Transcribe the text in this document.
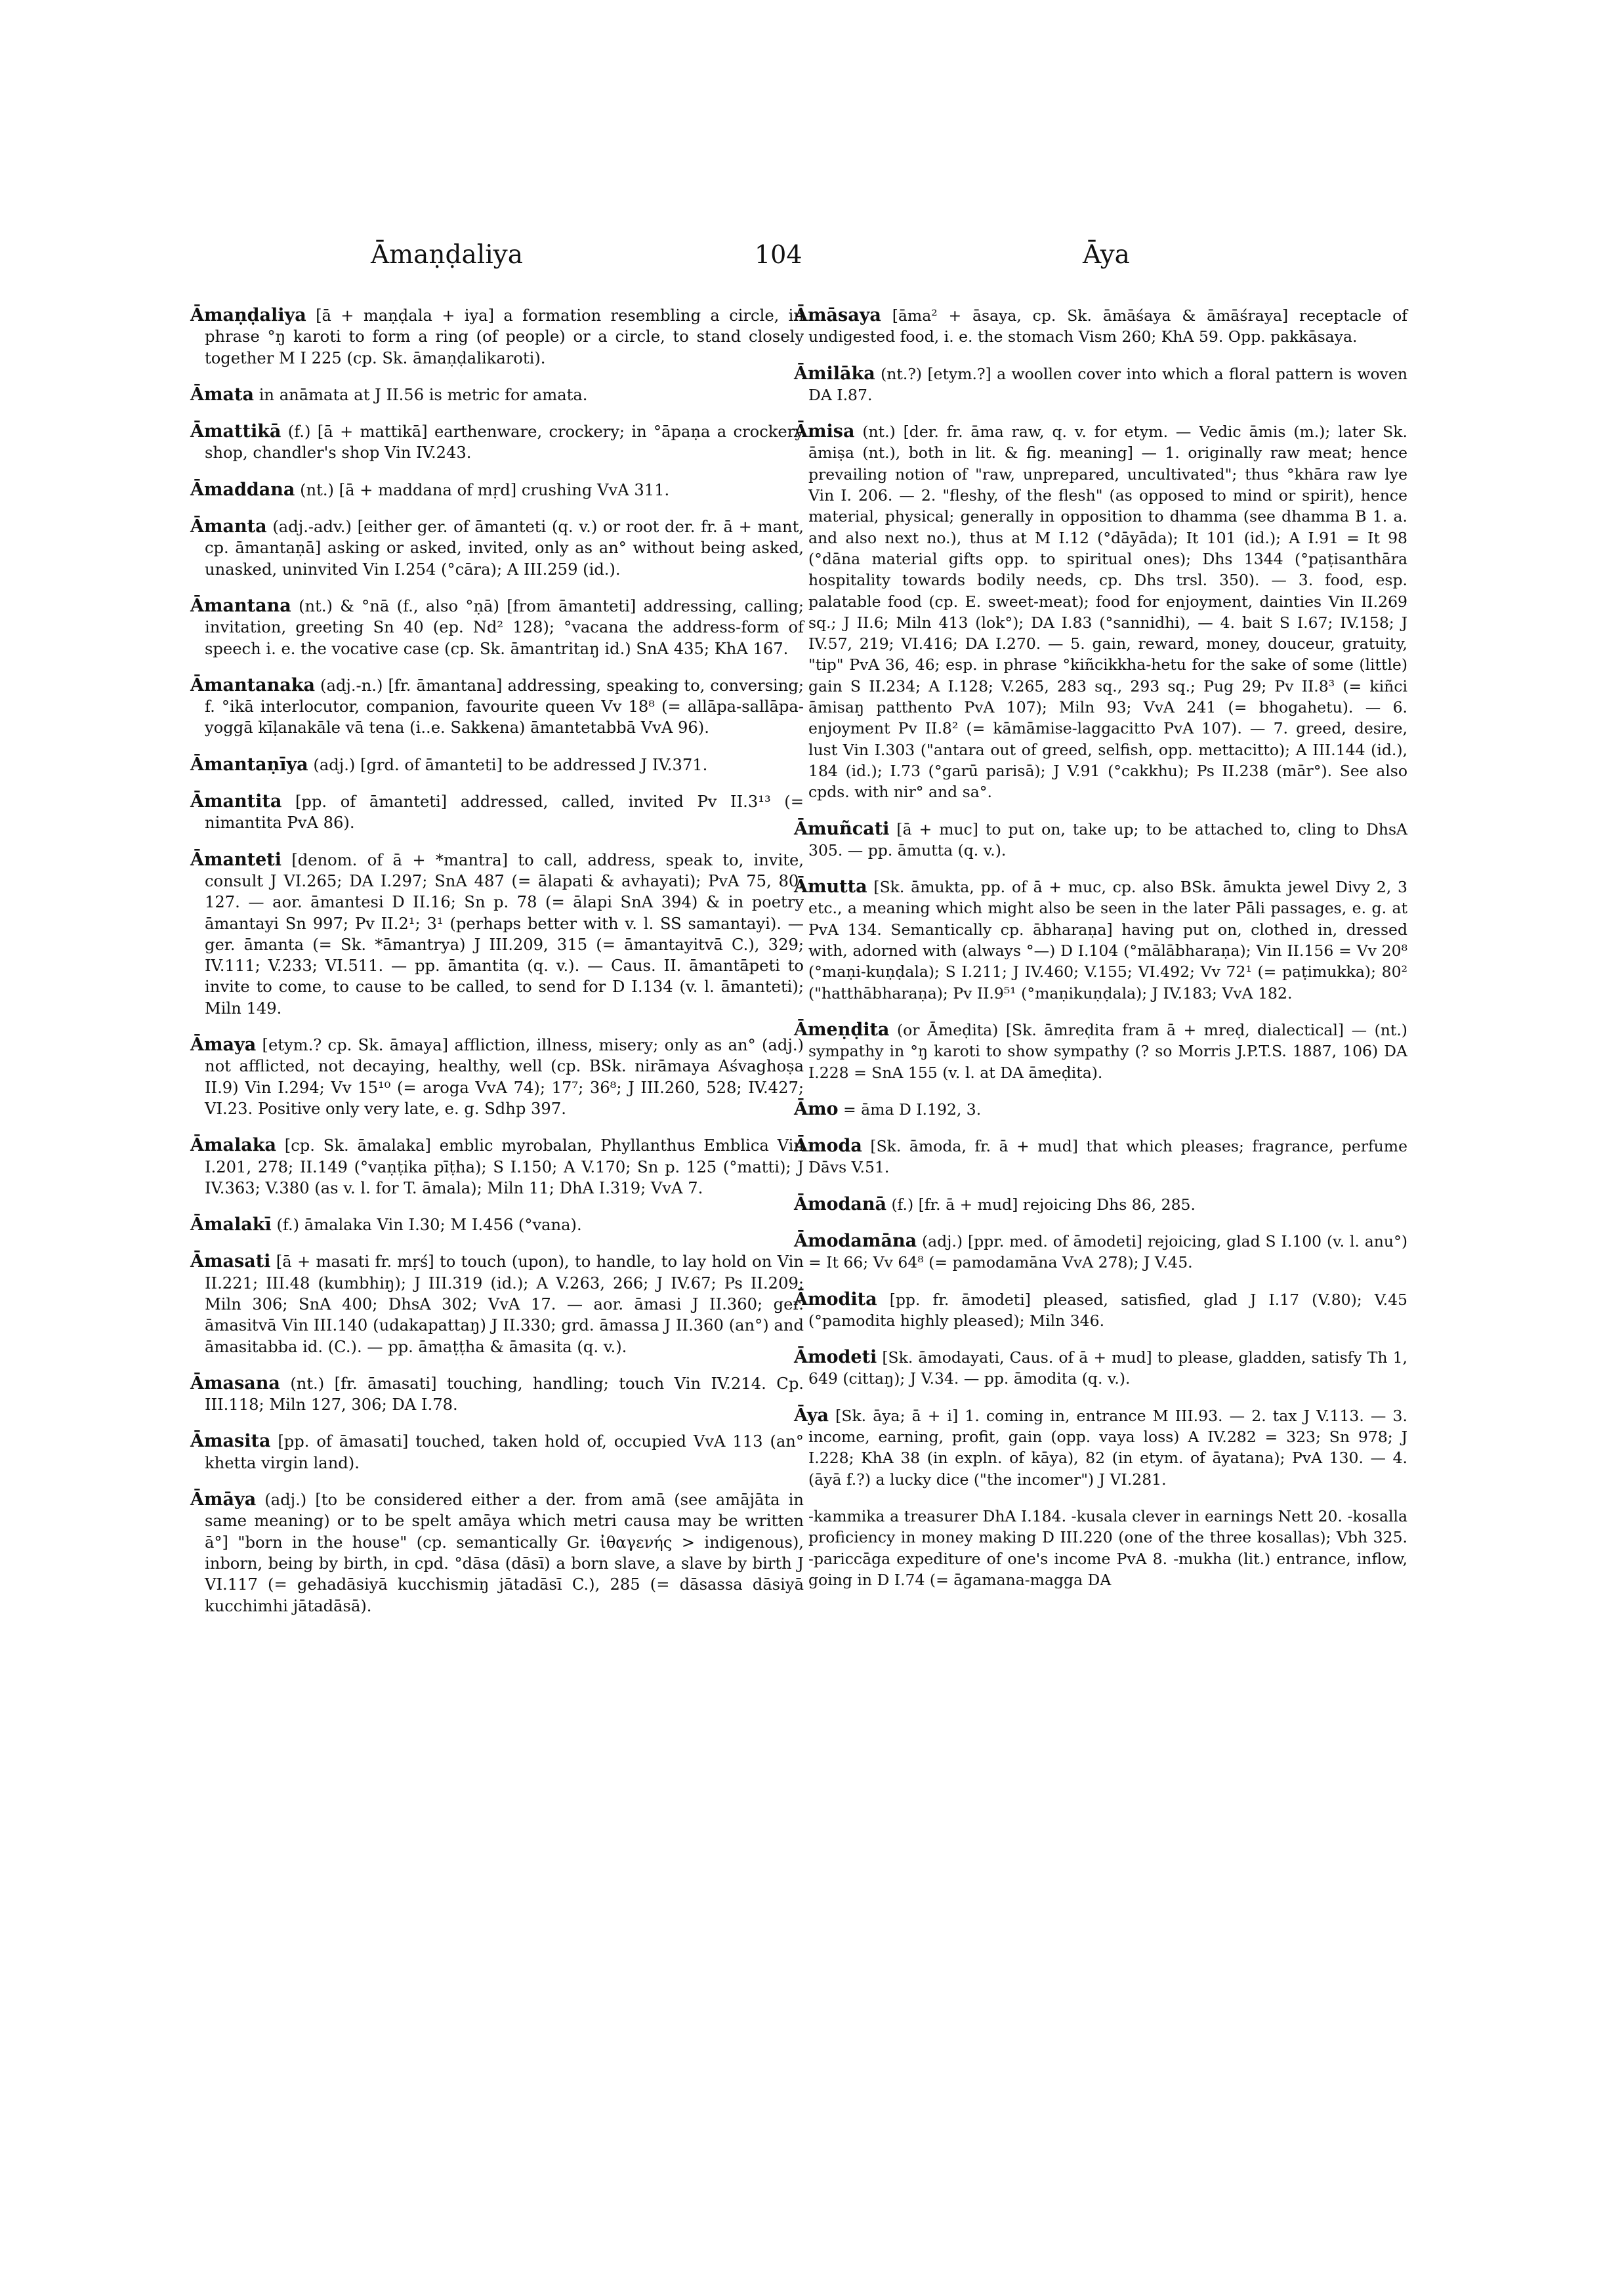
Āmaṇḍaliya	104	Āya

Āmaṇḍaliya [ā + maṇḍala + iya] a formation resembling a circle, in phrase °ŋ karoti to form a ring (of people) or a circle, to stand closely together M I 225 (cp. Sk. āmaṇḍalikaroti).

Āmata in anāmata at J II.56 is metric for amata.

Āmattikā (f.) [ā + mattikā] earthenware, crockery; in °āpaṇa a crockery shop, chandler's shop Vin IV.243.

Āmaddana (nt.) [ā + maddana of mṛd] crushing VvA 311.

Āmanta (adj.-adv.) [either ger. of āmanteti (q. v.) or root der. fr. ā + mant, cp. āmantaṇā] asking or asked, invited, only as an° without being asked, unasked, uninvited Vin I.254 (°cāra); A III.259 (id.).

Āmantana (nt.) & °nā (f., also °ṇā) [from āmanteti] addressing, calling; invitation, greeting Sn 40 (ep. Nd² 128); °vacana the address-form of speech i. e. the vocative case (cp. Sk. āmantritaŋ id.) SnA 435; KhA 167.

Āmantanaka (adj.-n.) [fr. āmantana] addressing, speaking to, conversing; f. °ikā interlocutor, companion, favourite queen Vv 18⁸ (= allāpa-sallāpa-yoggā kīḷanakāle vā tena (i..e. Sakkena) āmantetabbā VvA 96).

Āmantaṇīya (adj.) [grd. of āmanteti] to be addressed J IV.371.

Āmantita [pp. of āmanteti] addressed, called, invited Pv II.3¹³ (= nimantita PvA 86).

Āmanteti [denom. of ā + *mantra] to call, address, speak to, invite, consult J VI.265; DA I.297; SnA 487 (= ālapati & avhayati); PvA 75, 80, 127. — aor. āmantesi D II.16; Sn p. 78 (= ālapi SnA 394) & in poetry āmantayi Sn 997; Pv II.2¹; 3¹ (perhaps better with v. l. SS samantayi). — ger. āmanta (= Sk. *āmantrya) J III.209, 315 (= āmantayitvā C.), 329; IV.111; V.233; VI.511. — pp. āmantita (q. v.). — Caus. II. āmantāpeti to invite to come, to cause to be called, to send for D I.134 (v. l. āmanteti); Miln 149.

Āmaya [etym.? cp. Sk. āmaya] affliction, illness, misery; only as an° (adj.) not afflicted, not decaying, healthy, well (cp. BSk. nirāmaya Aśvaghoṣa II.9) Vin I.294; Vv 15¹⁰ (= aroga VvA 74); 17⁷; 36⁸; J III.260, 528; IV.427; VI.23. Positive only very late, e. g. Sdhp 397.

Āmalaka [cp. Sk. āmalaka] emblic myrobalan, Phyllanthus Emblica Vin I.201, 278; II.149 (°vaṇṭika pīṭha); S I.150; A V.170; Sn p. 125 (°matti); J IV.363; V.380 (as v. l. for T. āmala); Miln 11; DhA I.319; VvA 7.

Āmalakī (f.) āmalaka Vin I.30; M I.456 (°vana).

Āmasati [ā + masati fr. mṛś] to touch (upon), to handle, to lay hold on Vin II.221; III.48 (kumbhiŋ); J III.319 (id.); A V.263, 266; J IV.67; Ps II.209; Miln 306; SnA 400; DhsA 302; VvA 17. — aor. āmasi J II.360; ger. āmasitvā Vin III.140 (udakapattaŋ) J II.330; grd. āmassa J II.360 (an°) and āmasitabba id. (C.). — pp. āmaṭṭha & āmasita (q. v.).

Āmasana (nt.) [fr. āmasati] touching, handling; touch Vin IV.214. Cp. III.118; Miln 127, 306; DA I.78.

Āmasita [pp. of āmasati] touched, taken hold of, occupied VvA 113 (an° khetta virgin land).

Āmāya (adj.) [to be considered either a der. from amā (see amājāta in same meaning) or to be spelt amāya which metri causa may be written ā°] "born in the house" (cp. semantically Gr. ἰθαγενής > indigenous), inborn, being by birth, in cpd. °dāsa (dāsī) a born slave, a slave by birth J VI.117 (= gehadāsiyā kucchismiŋ jātadāsī C.), 285 (= dāsassa dāsiyā kucchimhi jātadāsā).

Āmāsaya [āma² + āsaya, cp. Sk. āmāśaya & āmāśraya] receptacle of undigested food, i. e. the stomach Vism 260; KhA 59. Opp. pakkāsaya.

Āmilāka (nt.?) [etym.?] a woollen cover into which a floral pattern is woven DA I.87.

Āmisa (nt.) [der. fr. āma raw, q. v. for etym. — Vedic āmis (m.); later Sk. āmiṣa (nt.), both in lit. & fig. meaning] — 1. originally raw meat; hence prevailing notion of "raw, unprepared, uncultivated"; thus °khāra raw lye Vin I. 206. — 2. "fleshy, of the flesh" (as opposed to mind or spirit), hence material, physical; generally in opposition to dhamma (see dhamma B 1. a. and also next no.), thus at M I.12 (°dāyāda); It 101 (id.); A I.91 = It 98 (°dāna material gifts opp. to spiritual ones); Dhs 1344 (°paṭisanthāra hospitality towards bodily needs, cp. Dhs trsl. 350). — 3. food, esp. palatable food (cp. E. sweet-meat); food for enjoyment, dainties Vin II.269 sq.; J II.6; Miln 413 (lok°); DA I.83 (°sannidhi), — 4. bait S I.67; IV.158; J IV.57, 219; VI.416; DA I.270. — 5. gain, reward, money, douceur, gratuity, "tip" PvA 36, 46; esp. in phrase °kiñcikkha-hetu for the sake of some (little) gain S II.234; A I.128; V.265, 283 sq., 293 sq.; Pug 29; Pv II.8³ (= kiñci āmisaŋ patthento PvA 107); Miln 93; VvA 241 (= bhogahetu). — 6. enjoyment Pv II.8² (= kāmāmise-laggacitto PvA 107). — 7. greed, desire, lust Vin I.303 ("antara out of greed, selfish, opp. mettacitto); A III.144 (id.), 184 (id.); I.73 (°garū parisā); J V.91 (°cakkhu); Ps II.238 (mār°). See also cpds. with nir° and sa°.

Āmuñcati [ā + muc] to put on, take up; to be attached to, cling to DhsA 305. — pp. āmutta (q. v.).

Āmutta [Sk. āmukta, pp. of ā + muc, cp. also BSk. āmukta jewel Divy 2, 3 etc., a meaning which might also be seen in the later Pāli passages, e. g. at PvA 134. Semantically cp. ābharaṇa] having put on, clothed in, dressed with, adorned with (always °—) D I.104 (°mālābharaṇa); Vin II.156 = Vv 20⁸ (°maṇi-kuṇḍala); S I.211; J IV.460; V.155; VI.492; Vv 72¹ (= paṭimukka); 80² ("hatthābharaṇa); Pv II.9⁵¹ (°maṇikuṇḍala); J IV.183; VvA 182.

Āmeṇḍita (or Āmeḍita) [Sk. āmreḍita fram ā + mreḍ, dialectical] — (nt.) sympathy in °ŋ karoti to show sympathy (? so Morris J.P.T.S. 1887, 106) DA I.228 = SnA 155 (v. l. at DA āmeḍita).

Āmo = āma D I.192, 3.

Āmoda [Sk. āmoda, fr. ā + mud] that which pleases; fragrance, perfume Dāvs V.51.

Āmodanā (f.) [fr. ā + mud] rejoicing Dhs 86, 285.

Āmodamāna (adj.) [ppr. med. of āmodeti] rejoicing, glad S I.100 (v. l. anu°) = It 66; Vv 64⁸ (= pamodamāna VvA 278); J V.45.

Āmodita [pp. fr. āmodeti] pleased, satisfied, glad J I.17 (V.80); V.45 (°pamodita highly pleased); Miln 346.

Āmodeti [Sk. āmodayati, Caus. of ā + mud] to please, gladden, satisfy Th 1, 649 (cittaŋ); J V.34. — pp. āmodita (q. v.).

Āya [Sk. āya; ā + i] 1. coming in, entrance M III.93. — 2. tax J V.113. — 3. income, earning, profit, gain (opp. vaya loss) A IV.282 = 323; Sn 978; J I.228; KhA 38 (in expln. of kāya), 82 (in etym. of āyatana); PvA 130. — 4. (āyā f.?) a lucky dice ("the incomer") J VI.281.

-kammika a treasurer DhA I.184. -kusala clever in earnings Nett 20. -kosalla proficiency in money making D III.220 (one of the three kosallas); Vbh 325. -pariccāga expediture of one's income PvA 8. -mukha (lit.) entrance, inflow, going in D I.74 (= āgamana-magga DA
